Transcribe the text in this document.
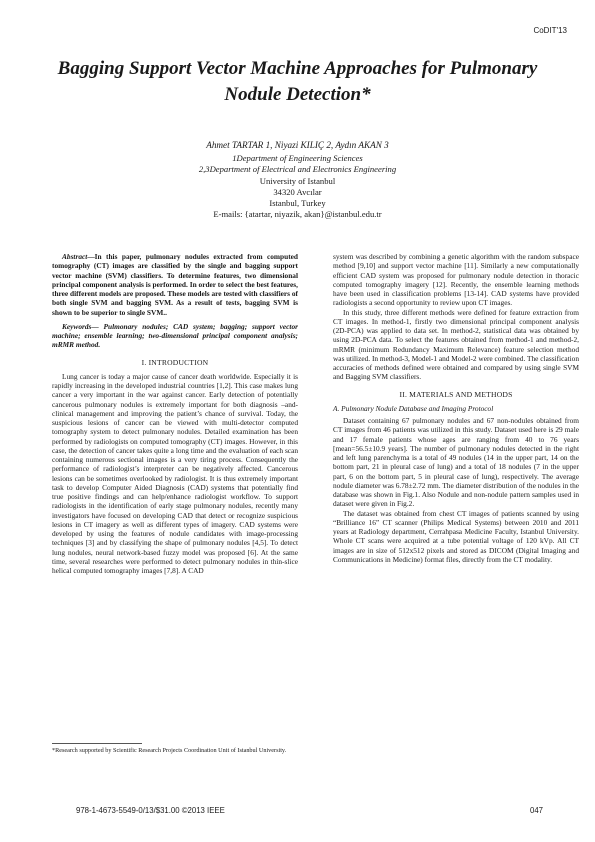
CoDIT'13
Bagging Support Vector Machine Approaches for Pulmonary Nodule Detection*
Ahmet TARTAR 1, Niyazi KILIÇ 2, Aydın AKAN 3
1Department of Engineering Sciences
2,3Department of Electrical and Electronics Engineering
University of Istanbul
34320 Avcılar
Istanbul, Turkey
E-mails: {atartar, niyazik, akan}@istanbul.edu.tr

Abstract—In this paper, pulmonary nodules extracted from computed tomography (CT) images are classified by the single and bagging support vector machine (SVM) classifiers. To determine features, two dimensional principal component analysis is performed. In order to select the best features, three different models are proposed. These models are tested with classifiers of both single SVM and bagging SVM. As a result of tests, bagging SVM is shown to be superior to single SVM..

Keywords— Pulmonary nodules; CAD system; bagging; support vector machine; ensemble learning; two-dimensional principal component analysis; mRMR method.

I. INTRODUCTION

Lung cancer is today a major cause of cancer death worldwide. Especially it is rapidly increasing in the developed industrial countries [1,2]. This case makes lung cancer a very important in the war against cancer. Early detection of potentially cancerous pulmonary nodules is extremely important for both diagnosis –and- clinical management and improving the patient’s chance of survival. Today, the suspicious lesions of cancer can be viewed with multi-detector computed tomography system to detect pulmonary nodules. Detailed examination has been performed by radiologists on computed tomography (CT) images. However, in this case, the detection of cancer takes quite a long time and the evaluation of each scan containing numerous sectional images is a very tiring process. Consequently the performance of radiologist’s interpreter can be negatively affected. Cancerous lesions can be sometimes overlooked by radiologist. It is thus extremely important task to develop Computer Aided Diagnosis (CAD) systems that potentially find true positive findings and can help/enhance radiologist workflow. To support radiologists in the identification of early stage pulmonary nodules, recently many investigators have focused on developing CAD that detect or recognize suspicious lesions in CT imagery as well as different types of imagery. CAD systems were developed by using the features of nodule candidates with image-processing techniques [3] and by classifying the shape of pulmonary nodules [4,5]. To detect lung nodules, neural network-based fuzzy model was proposed [6]. At the same time, several researches were performed to detect pulmonary nodules in thin-slice helical computed tomography images [7,8]. A CAD

system was described by combining a genetic algorithm with the random subspace method [9,10] and support vector machine [11]. Similarly a new computationally efficient CAD system was proposed for pulmonary nodule detection in thoracic computed tomography imagery [12]. Recently, the ensemble learning methods have been used in classification problems [13-14]. CAD systems have provided radiologists a second opportunity to review upon CT images.

In this study, three different methods were defined for feature extraction from CT images. In method-1, firstly two dimensional principal component analysis (2D-PCA) was applied to data set. In method-2, statistical data was obtained by using 2D-PCA data. To select the features obtained from method-1 and method-2, mRMR (minimum Redundancy Maximum Relevance) feature selection method was utilized. In method-3, Model-1 and Model-2 were combined. The classification accuracies of methods defined were obtained and compared by using single SVM and Bagging SVM classifiers.

II. MATERIALS AND METHODS

A. Pulmonary Nodule Database and Imaging Protocol

Dataset containing 67 pulmonary nodules and 67 non-nodules obtained from CT images from 46 patients was utilized in this study. Dataset used here is 29 male and 17 female patients whose ages are ranging from 40 to 76 years [mean=56.5±10.9 years]. The number of pulmonary nodules detected in the right and left lung parenchyma is a total of 49 nodules (14 in the upper part, 14 on the bottom part, 21 in pleural case of lung) and a total of 18 nodules (7 in the upper part, 6 on the bottom part, 5 in pleural case of lung), respectively. The average nodule diameter was 6.78±2.72 mm. The diameter distribution of the nodules in the database was shown in Fig.1. Also Nodule and non-nodule pattern samples used in dataset were given in Fig.2.

The dataset was obtained from chest CT images of patients scanned by using “Brilliance 16” CT scanner (Philips Medical Systems) between 2010 and 2011 years at Radiology department, Cerrahpasa Medicine Faculty, Istanbul University. Whole CT scans were acquired at a tube potential voltage of 120 kVp. All CT images are in size of 512x512 pixels and stored as DICOM (Digital Imaging and Communications in Medicine) format files, directly from the CT modality.

*Research supported by Scientific Research Projects Coordination Unit of Istanbul University.
978-1-4673-5549-0/13/$31.00 ©2013 IEEE	047
